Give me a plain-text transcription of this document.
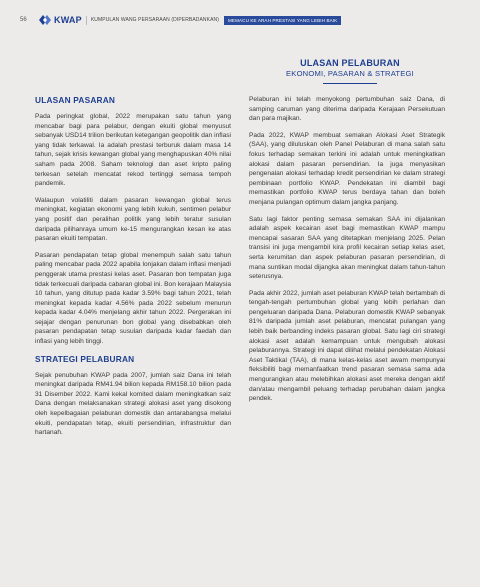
56	KWAP KUMPULAN WANG PERSARAAN (DIPERBADANKAN)	MEMACU KE ARAH PRESTASI YANG LEBIH BAIK
ULASAN PELABURAN
EKONOMI, PASARAN & STRATEGI
ULASAN PASARAN

Pada peringkat global, 2022 merupakan satu tahun yang mencabar bagi para pelabur, dengan ekuiti global menyusut sebanyak USD14 trilion berikutan ketegangan geopolitik dan inflasi yang tidak terkawal. Ia adalah prestasi terburuk dalam masa 14 tahun, sejak krisis kewangan global yang menghapuskan 40% nilai saham pada 2008. Saham teknologi dan aset kripto paling terkesan setelah mencatat rekod tertinggi semasa tempoh pandemik.

Walaupun volatiliti dalam pasaran kewangan global terus meningkat, kegiatan ekonomi yang lebih kukuh, sentimen pelabur yang positif dan peralihan politik yang lebih teratur susulan daripada pilihanraya umum ke-15 mengurangkan kesan ke atas pasaran ekuiti tempatan.

Pasaran pendapatan tetap global menempuh salah satu tahun paling mencabar pada 2022 apabila lonjakan dalam inflasi menjadi penggerak utama prestasi kelas aset. Pasaran bon tempatan juga tidak terkecuali daripada cabaran global ini. Bon kerajaan Malaysia 10 tahun, yang ditutup pada kadar 3.59% bagi tahun 2021, telah meningkat kepada kadar 4.56% pada 2022 sebelum menurun kepada kadar 4.04% menjelang akhir tahun 2022. Pergerakan ini sejajar dengan penurunan bon global yang disebabkan oleh pasaran pendapatan tetap susulan daripada kadar faedah dan inflasi yang lebih tinggi.

STRATEGI PELABURAN

Sejak penubuhan KWAP pada 2007, jumlah saiz Dana ini telah meningkat daripada RM41.94 bilion kepada RM158.10 bilion pada 31 Disember 2022. Kami kekal komited dalam meningkatkan saiz Dana dengan melaksanakan strategi alokasi aset yang disokong oleh kepelbagaian pelaburan domestik dan antarabangsa melalui ekuiti, pendapatan tetap, ekuiti persendirian, infrastruktur dan hartanah.

Pelaburan ini telah menyokong pertumbuhan saiz Dana, di samping caruman yang diterima daripada Kerajaan Persekutuan dan para majikan.

Pada 2022, KWAP membuat semakan Alokasi Aset Strategik (SAA), yang diluluskan oleh Panel Pelaburan di mana salah satu fokus terhadap semakan terkini ini adalah untuk meningkatkan alokasi dalam pasaran persendirian. Ia juga menyasikan pengenalan alokasi terhadap kredit persendirian ke dalam strategi pembinaan portfolio KWAP. Pendekatan ini diambil bagi memastikan portfolio KWAP terus berdaya tahan dan boleh menjana pulangan optimum dalam jangka panjang.

Satu lagi faktor penting semasa semakan SAA ini dijalankan adalah aspek kecairan aset bagi memastikan KWAP mampu mencapai sasaran SAA yang ditetapkan menjelang 2025. Pelan transisi ini juga mengambil kira profil kecairan setiap kelas aset, serta kerumitan dan aspek pelaburan pasaran persendirian, di mana suntikan modal dijangka akan meningkat dalam tahun-tahun seterusnya.

Pada akhir 2022, jumlah aset pelaburan KWAP telah bertambah di tengah-tengah pertumbuhan global yang lebih perlahan dan pengeluaran daripada Dana. Pelaburan domestik KWAP sebanyak 81% daripada jumlah aset pelaburan, mencatat pulangan yang lebih baik berbanding indeks pasaran global. Satu lagi ciri strategi alokasi aset adalah kemampuan untuk mengubah alokasi pelaburannya. Strategi ini dapat dilihat melalui pendekatan Alokasi Aset Taktikal (TAA), di mana kelas-kelas aset awam mempunyai fleksibiliti bagi memanfaatkan trend pasaran semasa sama ada mengurangkan atau melebihkan alokasi aset mereka dengan aktif dan/atau mengambil peluang terhadap perubahan dalam jangka pendek.
